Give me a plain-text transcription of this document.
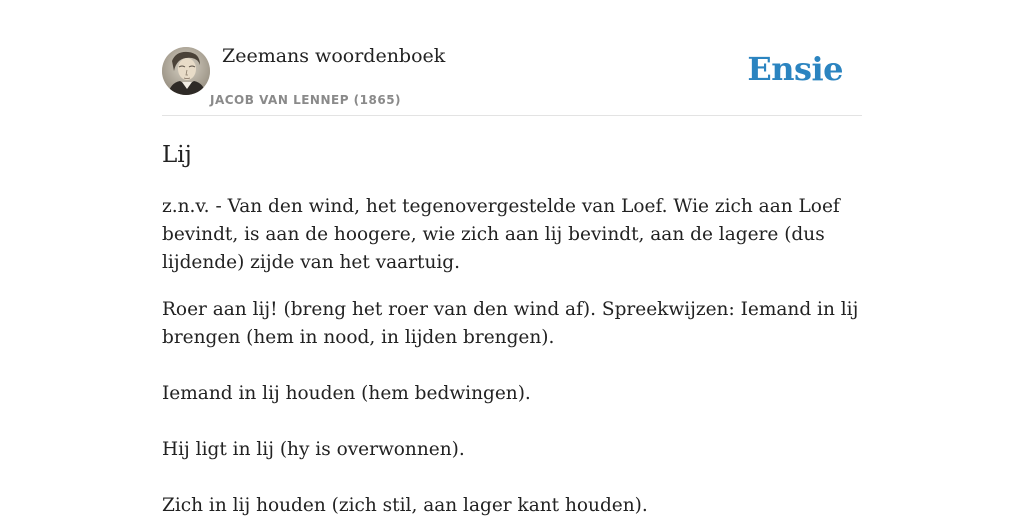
Zeemans woordenboek
JACOB VAN LENNEP (1865)
Ensie
Lij

z.n.v. - Van den wind, het tegenovergestelde van Loef. Wie zich aan Loef bevindt, is aan de hoogere, wie zich aan lij bevindt, aan de lagere (dus lijdende) zijde van het vaartuig.

Roer aan lij! (breng het roer van den wind af). Spreekwijzen: Iemand in lij brengen (hem in nood, in lijden brengen).

Iemand in lij houden (hem bedwingen).

Hij ligt in lij (hy is overwonnen).

Zich in lij houden (zich stil, aan lager kant houden).
